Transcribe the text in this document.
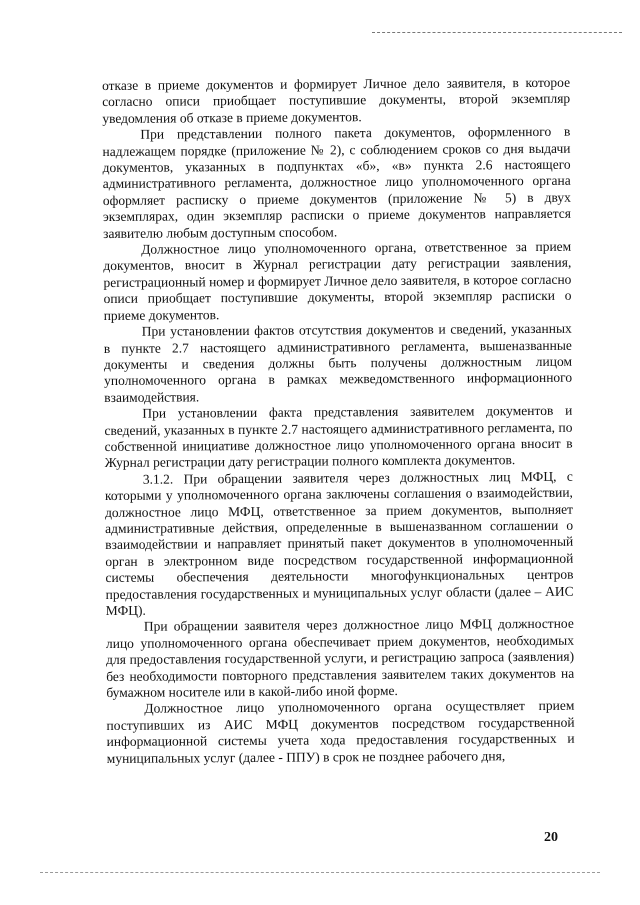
отказе в приеме документов и формирует Личное дело заявителя, в которое согласно описи приобщает поступившие документы, второй экземпляр уведомления об отказе в приеме документов.

При представлении полного пакета документов, оформленного в надлежащем порядке (приложение № 2), с соблюдением сроков со дня выдачи документов, указанных в подпунктах «б», «в» пункта 2.6 настоящего административного регламента, должностное лицо уполномоченного органа оформляет расписку о приеме документов (приложение № 5) в двух экземплярах, один экземпляр расписки о приеме документов направляется заявителю любым доступным способом.

Должностное лицо уполномоченного органа, ответственное за прием документов, вносит в Журнал регистрации дату регистрации заявления, регистрационный номер и формирует Личное дело заявителя, в которое согласно описи приобщает поступившие документы, второй экземпляр расписки о приеме документов.

При установлении фактов отсутствия документов и сведений, указанных в пункте 2.7 настоящего административного регламента, вышеназванные документы и сведения должны быть получены должностным лицом уполномоченного органа в рамках межведомственного информационного взаимодействия.

При установлении факта представления заявителем документов и сведений, указанных в пункте 2.7 настоящего административного регламента, по собственной инициативе должностное лицо уполномоченного органа вносит в Журнал регистрации дату регистрации полного комплекта документов.

3.1.2. При обращении заявителя через должностных лиц МФЦ, с которыми у уполномоченного органа заключены соглашения о взаимодействии, должностное лицо МФЦ, ответственное за прием документов, выполняет административные действия, определенные в вышеназванном соглашении о взаимодействии и направляет принятый пакет документов в уполномоченный орган в электронном виде посредством государственной информационной системы обеспечения деятельности многофункциональных центров предоставления государственных и муниципальных услуг области (далее – АИС МФЦ).

При обращении заявителя через должностное лицо МФЦ должностное лицо уполномоченного органа обеспечивает прием документов, необходимых для предоставления государственной услуги, и регистрацию запроса (заявления) без необходимости повторного представления заявителем таких документов на бумажном носителе или в какой-либо иной форме.

Должностное лицо уполномоченного органа осуществляет прием поступивших из АИС МФЦ документов посредством государственной информационной системы учета хода предоставления государственных и муниципальных услуг (далее - ППУ) в срок не позднее рабочего дня,

20
